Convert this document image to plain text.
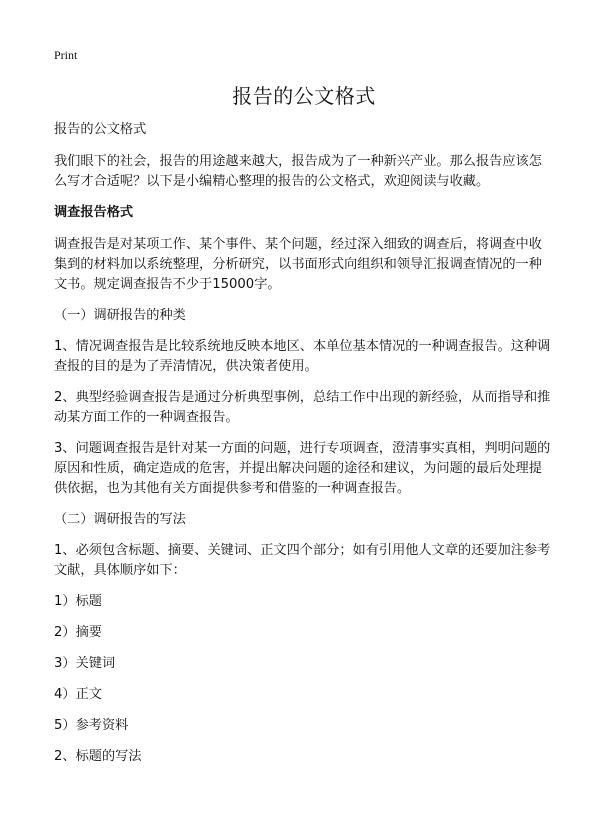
Print
报告的公文格式

报告的公文格式

我们眼下的社会，报告的用途越来越大，报告成为了一种新兴产业。那么报告应该怎么写才合适呢？以下是小编精心整理的报告的公文格式，欢迎阅读与收藏。

调查报告格式

调查报告是对某项工作、某个事件、某个问题，经过深入细致的调查后，将调查中收集到的材料加以系统整理，分析研究，以书面形式向组织和领导汇报调查情况的一种文书。规定调查报告不少于15000字。

（一）调研报告的种类

1、情况调查报告是比较系统地反映本地区、本单位基本情况的一种调查报告。这种调查报的目的是为了弄清情况，供决策者使用。

2、典型经验调查报告是通过分析典型事例，总结工作中出现的新经验，从而指导和推动某方面工作的一种调查报告。

3、问题调查报告是针对某一方面的问题，进行专项调查，澄清事实真相，判明问题的原因和性质，确定造成的危害，并提出解决问题的途径和建议，为问题的最后处理提供依据，也为其他有关方面提供参考和借鉴的一种调查报告。

（二）调研报告的写法

1、必须包含标题、摘要、关键词、正文四个部分；如有引用他人文章的还要加注参考文献，具体顺序如下：

1）标题

2）摘要

3）关键词

4）正文

5）参考资料

2、标题的写法
